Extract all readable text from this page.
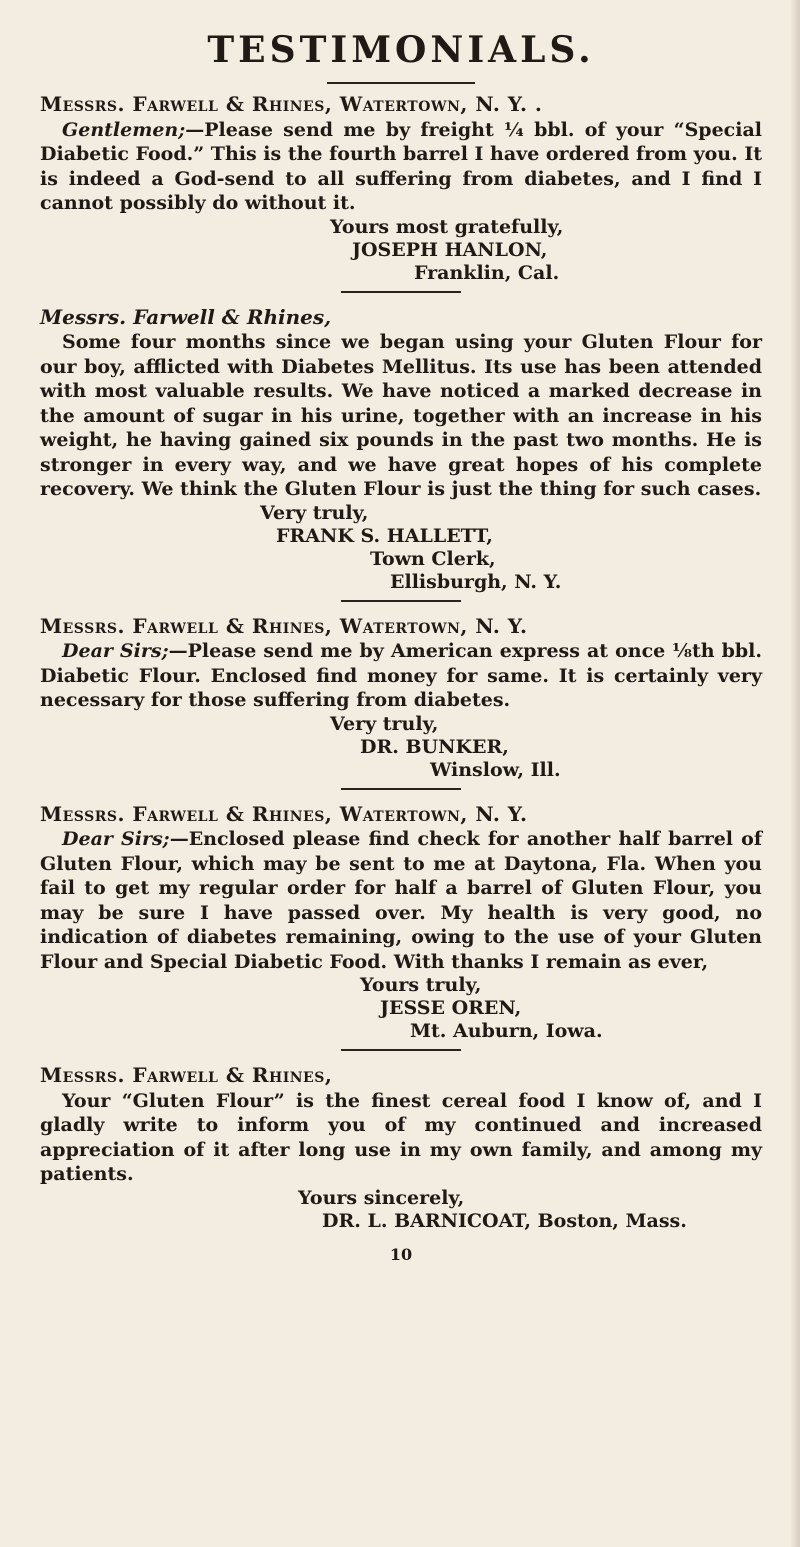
TESTIMONIALS.

Messrs. Farwell & Rhines, Watertown, N. Y. .
Gentlemen;—Please send me by freight ¼ bbl. of your “Special Diabetic Food.” This is the fourth barrel I have ordered from you. It is indeed a God-send to all suffering from diabetes, and I find I cannot possibly do without it.

Yours most gratefully,
JOSEPH HANLON,
Franklin, Cal.

Messrs. Farwell & Rhines,

Some four months since we began using your Gluten Flour for our boy, afflicted with Diabetes Mellitus. Its use has been attended with most valuable results. We have noticed a marked decrease in the amount of sugar in his urine, together with an increase in his weight, he having gained six pounds in the past two months. He is stronger in every way, and we have great hopes of his complete recovery. We think the Gluten Flour is just the thing for such cases.

Very truly,
FRANK S. HALLETT,
Town Clerk,
Ellisburgh, N. Y.

Messrs. Farwell & Rhines, Watertown, N. Y.
Dear Sirs;—Please send me by American express at once ⅛th bbl. Diabetic Flour. Enclosed find money for same. It is certainly very necessary for those suffering from diabetes.

Very truly,
DR. BUNKER,
Winslow, Ill.

Messrs. Farwell & Rhines, Watertown, N. Y.
Dear Sirs;—Enclosed please find check for another half barrel of Gluten Flour, which may be sent to me at Daytona, Fla. When you fail to get my regular order for half a barrel of Gluten Flour, you may be sure I have passed over. My health is very good, no indication of diabetes remaining, owing to the use of your Gluten Flour and Special Diabetic Food. With thanks I remain as ever,

Yours truly,
JESSE OREN,
Mt. Auburn, Iowa.

Messrs. Farwell & Rhines,

Your “Gluten Flour” is the finest cereal food I know of, and I gladly write to inform you of my continued and increased appreciation of it after long use in my own family, and among my patients.

Yours sincerely,
DR. L. BARNICOAT, Boston, Mass.
10
